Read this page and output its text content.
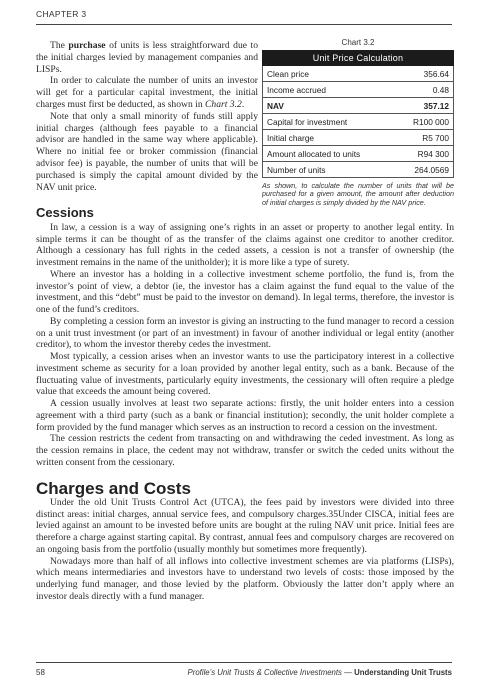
CHAPTER 3

The purchase of units is less straightforward due to the initial charges levied by management companies and LISPs.

In order to calculate the number of units an investor will get for a particular capital investment, the initial charges must first be deducted, as shown in Chart 3.2.

Note that only a small minority of funds still apply initial charges (although fees payable to a financial advisor are handled in the same way where applicable). Where no initial fee or broker commission (financial advisor fee) is payable, the number of units that will be purchased is simply the capital amount divided by the NAV unit price.

Chart 3.2
Unit Price Calculation
Clean price	356.64
Income accrued	0.48
NAV	357.12
Capital for investment	R100 000
Initial charge	R5 700
Amount allocated to units	R94 300
Number of units	264.0569
As shown, to calculate the number of units that will be purchased for a given amount, the amount after deduction of initial charges is simply divided by the NAV price.
Cessions

In law, a cession is a way of assigning one’s rights in an asset or property to another legal entity. In simple terms it can be thought of as the transfer of the claims against one creditor to another creditor. Although a cessionary has full rights in the ceded assets, a cession is not a transfer of ownership (the investment remains in the name of the unitholder); it is more like a type of surety.

Where an investor has a holding in a collective investment scheme portfolio, the fund is, from the investor’s point of view, a debtor (ie, the investor has a claim against the fund equal to the value of the investment, and this “debt” must be paid to the investor on demand). In legal terms, therefore, the investor is one of the fund’s creditors.

By completing a cession form an investor is giving an instructing to the fund manager to record a cession on a unit trust investment (or part of an investment) in favour of another individual or legal entity (another creditor), to whom the investor thereby cedes the investment.

Most typically, a cession arises when an investor wants to use the participatory interest in a collective investment scheme as security for a loan provided by another legal entity, such as a bank. Because of the fluctuating value of investments, particularly equity investments, the cessionary will often require a pledge value that exceeds the amount being covered.

A cession usually involves at least two separate actions: firstly, the unit holder enters into a cession agreement with a third party (such as a bank or financial institution); secondly, the unit holder complete a form provided by the fund manager which serves as an instruction to record a cession on the investment.

The cession restricts the cedent from transacting on and withdrawing the ceded investment. As long as the cession remains in place, the cedent may not withdraw, transfer or switch the ceded units without the written consent from the cessionary.

Charges and Costs

Under the old Unit Trusts Control Act (UTCA), the fees paid by investors were divided into three distinct areas: initial charges, annual service fees, and compulsory charges.35Under CISCA, initial fees are levied against an amount to be invested before units are bought at the ruling NAV unit price. Initial fees are therefore a charge against starting capital. By contrast, annual fees and compulsory charges are recovered on an ongoing basis from the portfolio (usually monthly but sometimes more frequently).

Nowadays more than half of all inflows into collective investment schemes are via platforms (LISPs), which means intermediaries and investors have to understand two levels of costs: those imposed by the underlying fund manager, and those levied by the platform. Obviously the latter don’t apply where an investor deals directly with a fund manager.

58	Profile’s Unit Trusts & Collective Investments — Understanding Unit Trusts
